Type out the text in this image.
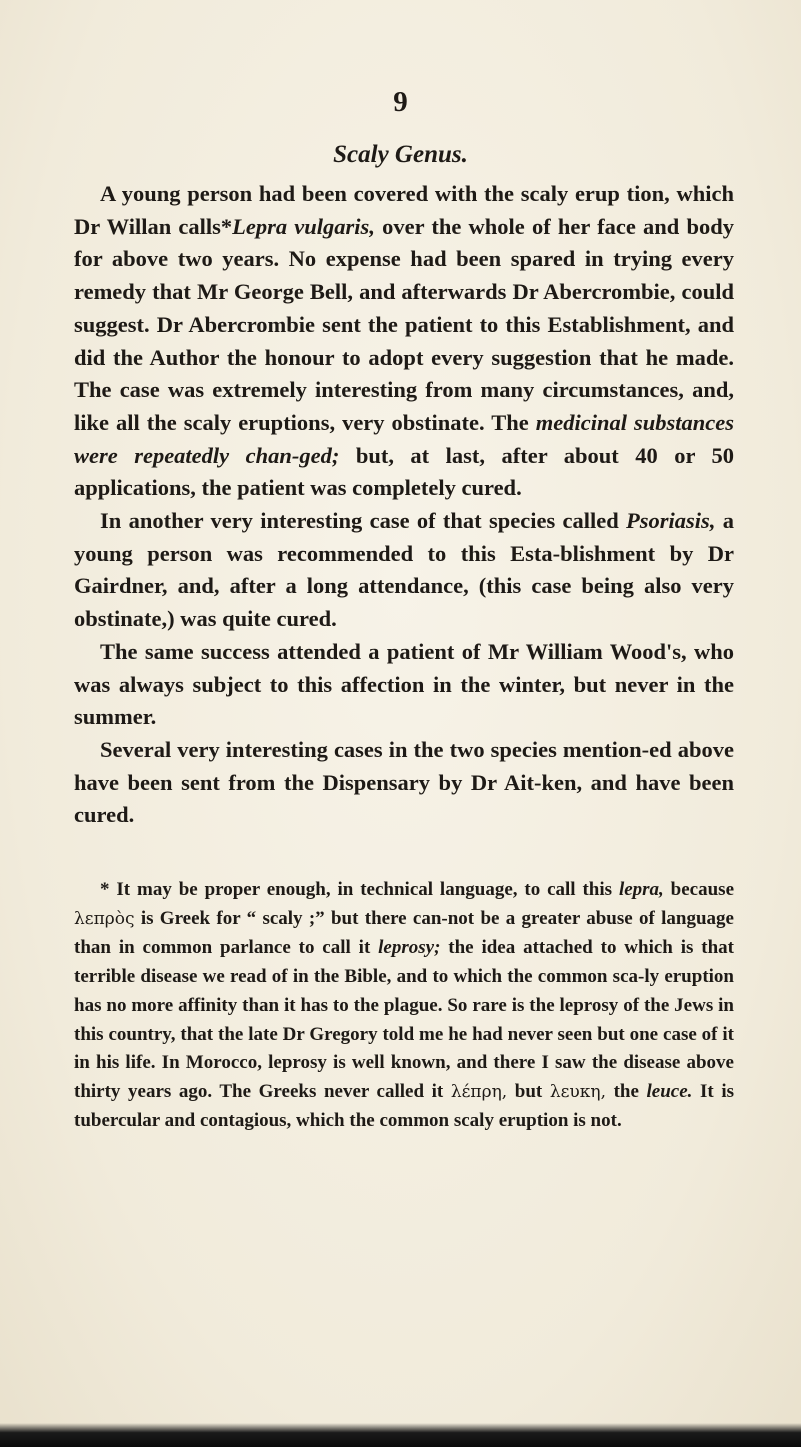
9
Scaly Genus.

A young person had been covered with the scaly erup tion, which Dr Willan calls*Lepra vulgaris, over the whole of her face and body for above two years. No expense had been spared in trying every remedy that Mr George Bell, and afterwards Dr Abercrombie, could suggest. Dr Abercrombie sent the patient to this Establishment, and did the Author the honour to adopt every suggestion that he made. The case was extremely interesting from many circumstances, and, like all the scaly eruptions, very obstinate. The medicinal substances were repeatedly chan-ged; but, at last, after about 40 or 50 applications, the patient was completely cured.

In another very interesting case of that species called Psoriasis, a young person was recommended to this Esta-blishment by Dr Gairdner, and, after a long attendance, (this case being also very obstinate,) was quite cured.

The same success attended a patient of Mr William Wood's, who was always subject to this affection in the winter, but never in the summer.

Several very interesting cases in the two species mention-ed above have been sent from the Dispensary by Dr Ait-ken, and have been cured.

* It may be proper enough, in technical language, to call this lepra, because λεπρὸς is Greek for “ scaly ;” but there can-not be a greater abuse of language than in common parlance to call it leprosy; the idea attached to which is that terrible disease we read of in the Bible, and to which the common sca-ly eruption has no more affinity than it has to the plague. So rare is the leprosy of the Jews in this country, that the late Dr Gregory told me he had never seen but one case of it in his life. In Morocco, leprosy is well known, and there I saw the disease above thirty years ago. The Greeks never called it λέπρη, but λευκη, the leuce. It is tubercular and contagious, which the common scaly eruption is not.
